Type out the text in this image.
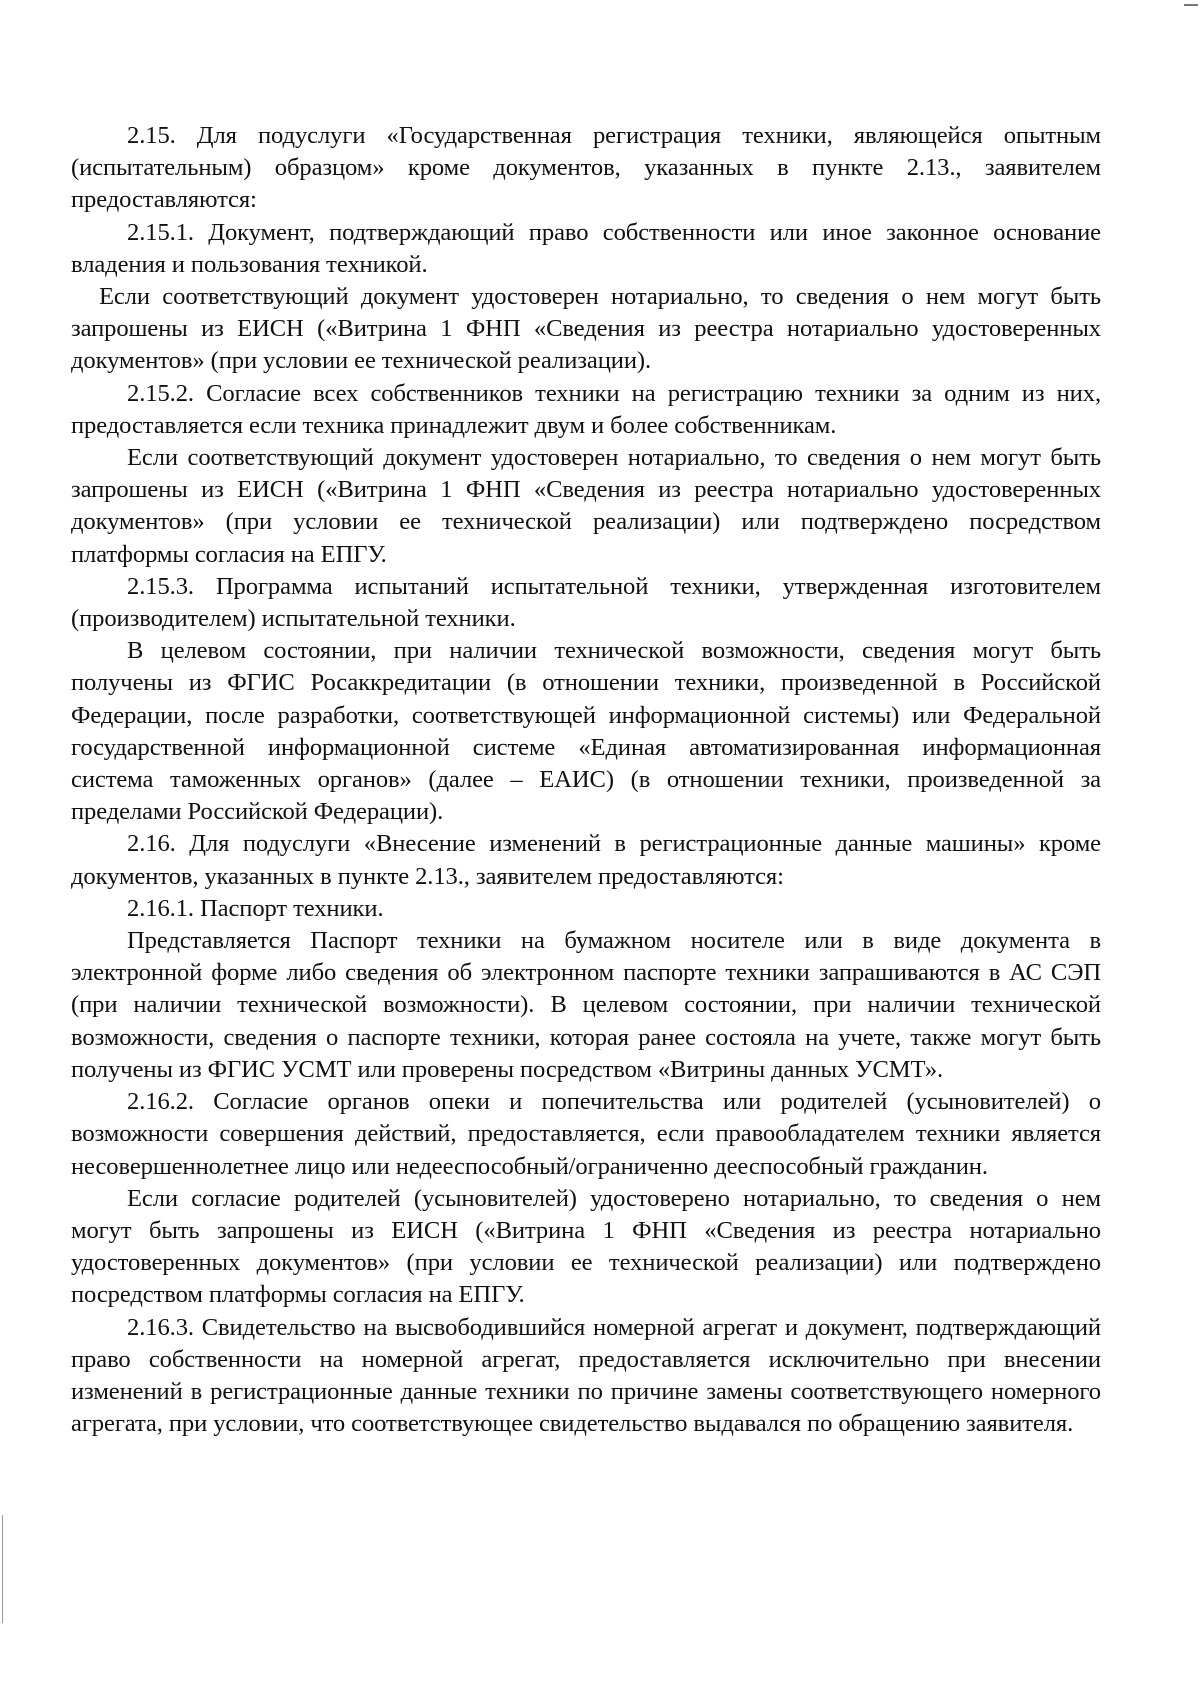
2.15. Для подуслуги «Государственная регистрация техники, являющейся опытным (испытательным) образцом» кроме документов, указанных в пункте 2.13., заявителем предоставляются:

2.15.1. Документ, подтверждающий право собственности или иное законное основание владения и пользования техникой.

Если соответствующий документ удостоверен нотариально, то сведения о нем могут быть запрошены из ЕИСН («Витрина 1 ФНП «Сведения из реестра нотариально удостоверенных документов» (при условии ее технической реализации).

2.15.2. Согласие всех собственников техники на регистрацию техники за одним из них, предоставляется если техника принадлежит двум и более собственникам.

Если соответствующий документ удостоверен нотариально, то сведения о нем могут быть запрошены из ЕИСН («Витрина 1 ФНП «Сведения из реестра нотариально удостоверенных документов» (при условии ее технической реализации) или подтверждено посредством платформы согласия на ЕПГУ.

2.15.3. Программа испытаний испытательной техники, утвержденная изготовителем (производителем) испытательной техники.

В целевом состоянии, при наличии технической возможности, сведения могут быть получены из ФГИС Росаккредитации (в отношении техники, произведенной в Российской Федерации, после разработки, соответствующей информационной системы) или Федеральной государственной информационной системе «Единая автоматизированная информационная система таможенных органов» (далее – ЕАИС) (в отношении техники, произведенной за пределами Российской Федерации).

2.16. Для подуслуги «Внесение изменений в регистрационные данные машины» кроме документов, указанных в пункте 2.13., заявителем предоставляются:

2.16.1. Паспорт техники.

Представляется Паспорт техники на бумажном носителе или в виде документа в электронной форме либо сведения об электронном паспорте техники запрашиваются в АС СЭП (при наличии технической возможности). В целевом состоянии, при наличии технической возможности, сведения о паспорте техники, которая ранее состояла на учете, также могут быть получены из ФГИС УСМТ или проверены посредством «Витрины данных УСМТ».

2.16.2. Согласие органов опеки и попечительства или родителей (усыновителей) о возможности совершения действий, предоставляется, если правообладателем техники является несовершеннолетнее лицо или недееспособный/ограниченно дееспособный гражданин.

Если согласие родителей (усыновителей) удостоверено нотариально, то сведения о нем могут быть запрошены из ЕИСН («Витрина 1 ФНП «Сведения из реестра нотариально удостоверенных документов» (при условии ее технической реализации) или подтверждено посредством платформы согласия на ЕПГУ.

2.16.3. Свидетельство на высвободившийся номерной агрегат и документ, подтверждающий право собственности на номерной агрегат, предоставляется исключительно при внесении изменений в регистрационные данные техники по причине замены соответствующего номерного агрегата, при условии, что соответствующее свидетельство выдавался по обращению заявителя.
